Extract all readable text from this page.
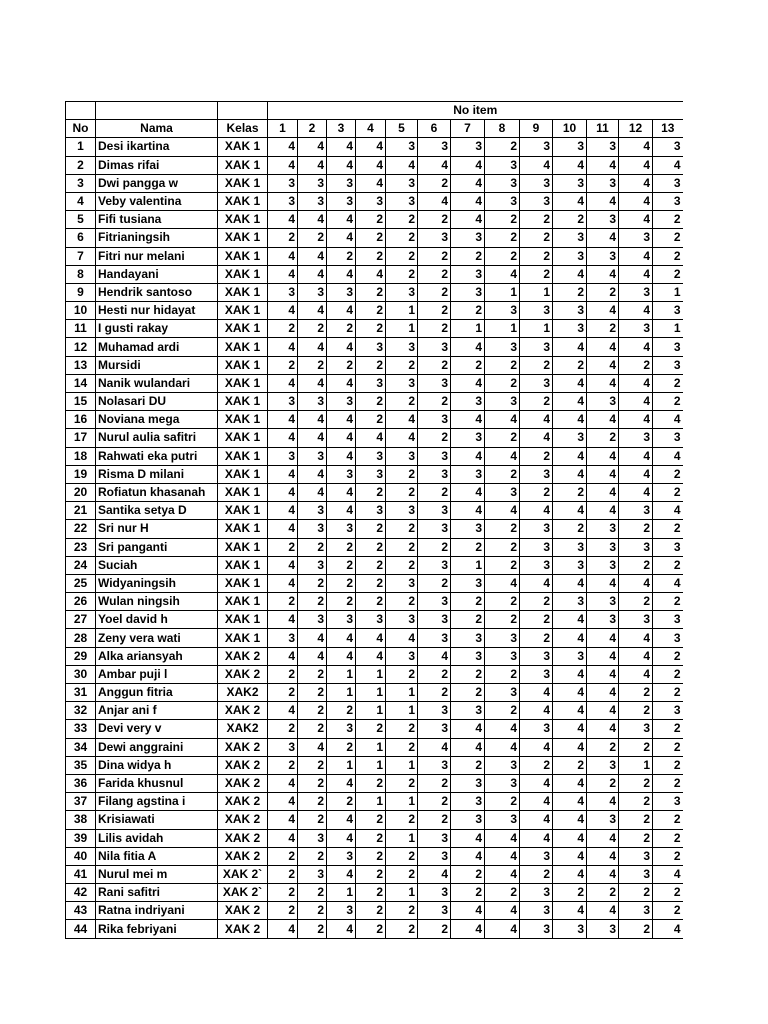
			No item												
No	Nama	Kelas	1	2	3	4	5	6	7	8	9	10	11	12	13
1	Desi ikartina	XAK 1	4	4	4	4	3	3	3	2	3	3	3	4	3
2	Dimas rifai	XAK 1	4	4	4	4	4	4	4	3	4	4	4	4	4
3	Dwi pangga w	XAK 1	3	3	3	4	3	2	4	3	3	3	3	4	3
4	Veby valentina	XAK 1	3	3	3	3	3	4	4	3	3	4	4	4	3
5	Fifi tusiana	XAK 1	4	4	4	2	2	2	4	2	2	2	3	4	2
6	Fitrianingsih	XAK 1	2	2	4	2	2	3	3	2	2	3	4	3	2
7	Fitri nur melani	XAK 1	4	4	2	2	2	2	2	2	2	3	3	4	2
8	Handayani	XAK 1	4	4	4	4	2	2	3	4	2	4	4	4	2
9	Hendrik santoso	XAK 1	3	3	3	2	3	2	3	1	1	2	2	3	1
10	Hesti nur hidayat	XAK 1	4	4	4	2	1	2	2	3	3	3	4	4	3
11	I gusti rakay	XAK 1	2	2	2	2	1	2	1	1	1	3	2	3	1
12	Muhamad ardi	XAK 1	4	4	4	3	3	3	4	3	3	4	4	4	3
13	Mursidi	XAK 1	2	2	2	2	2	2	2	2	2	2	4	2	3
14	Nanik wulandari	XAK 1	4	4	4	3	3	3	4	2	3	4	4	4	2
15	Nolasari DU	XAK 1	3	3	3	2	2	2	3	3	2	4	3	4	2
16	Noviana mega	XAK 1	4	4	4	2	4	3	4	4	4	4	4	4	4
17	Nurul aulia safitri	XAK 1	4	4	4	4	4	2	3	2	4	3	2	3	3
18	Rahwati eka putri	XAK 1	3	3	4	3	3	3	4	4	2	4	4	4	4
19	Risma D milani	XAK 1	4	4	3	3	2	3	3	2	3	4	4	4	2
20	Rofiatun khasanah	XAK 1	4	4	4	2	2	2	4	3	2	2	4	4	2
21	Santika setya D	XAK 1	4	3	4	3	3	3	4	4	4	4	4	3	4
22	Sri nur H	XAK 1	4	3	3	2	2	3	3	2	3	2	3	2	2
23	Sri panganti	XAK 1	2	2	2	2	2	2	2	2	3	3	3	3	3
24	Suciah	XAK 1	4	3	2	2	2	3	1	2	3	3	3	2	2
25	Widyaningsih	XAK 1	4	2	2	2	3	2	3	4	4	4	4	4	4
26	Wulan ningsih	XAK 1	2	2	2	2	2	3	2	2	2	3	3	2	2
27	Yoel david h	XAK 1	4	3	3	3	3	3	2	2	2	4	3	3	3
28	Zeny vera wati	XAK 1	3	4	4	4	4	3	3	3	2	4	4	4	3
29	Alka ariansyah	XAK 2	4	4	4	4	3	4	3	3	3	3	4	4	2
30	Ambar puji l	XAK 2	2	2	1	1	2	2	2	2	3	4	4	4	2
31	Anggun fitria	XAK2	2	2	1	1	1	2	2	3	4	4	4	2	2
32	Anjar ani f	XAK 2	4	2	2	1	1	3	3	2	4	4	4	2	3
33	Devi very v	XAK2	2	2	3	2	2	3	4	4	3	4	4	3	2
34	Dewi anggraini	XAK 2	3	4	2	1	2	4	4	4	4	4	2	2	2
35	Dina widya h	XAK 2	2	2	1	1	1	3	2	3	2	2	3	1	2
36	Farida khusnul	XAK 2	4	2	4	2	2	2	3	3	4	4	2	2	2
37	Filang agstina i	XAK 2	4	2	2	1	1	2	3	2	4	4	4	2	3
38	Krisiawati	XAK 2	4	2	4	2	2	2	3	3	4	4	3	2	2
39	Lilis avidah	XAK 2	4	3	4	2	1	3	4	4	4	4	4	2	2
40	Nila fitia A	XAK 2	2	2	3	2	2	3	4	4	3	4	4	3	2
41	Nurul mei m	XAK 2`	2	3	4	2	2	4	2	4	2	4	4	3	4
42	Rani safitri	XAK 2`	2	2	1	2	1	3	2	2	3	2	2	2	2
43	Ratna indriyani	XAK 2	2	2	3	2	2	3	4	4	3	4	4	3	2
44	Rika febriyani	XAK 2	4	2	4	2	2	2	4	4	3	3	3	2	4
